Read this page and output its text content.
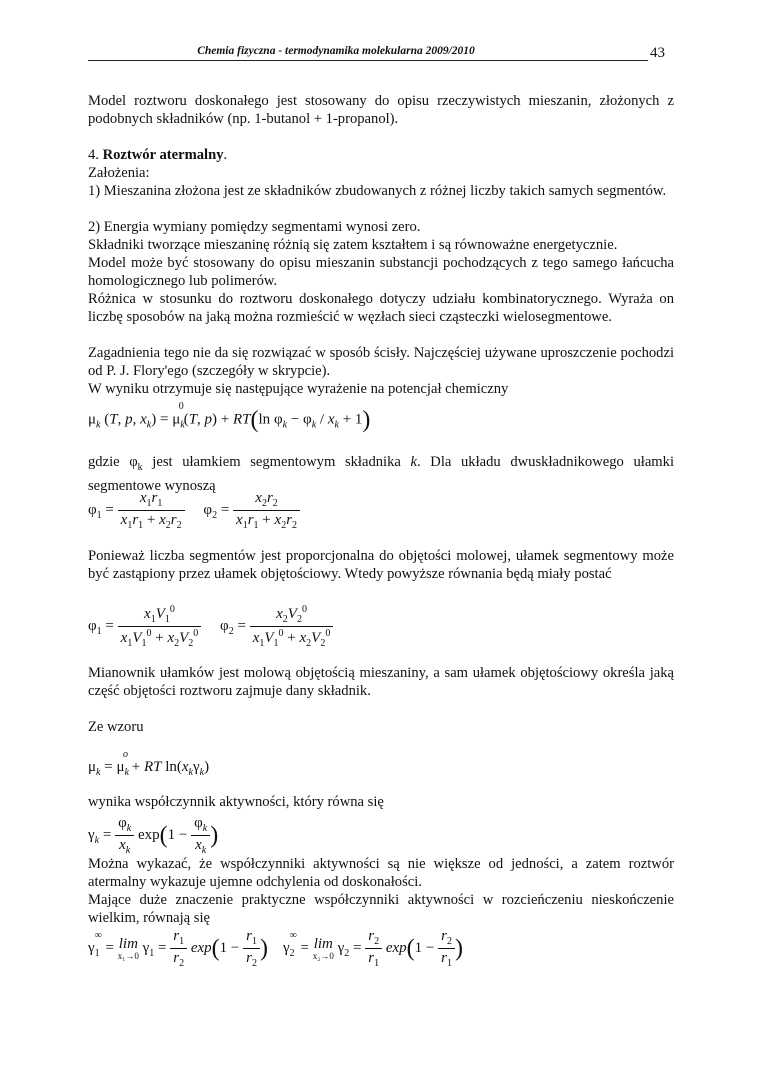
Chemia fizyczna - termodynamika molekularna 2009/2010	43

Model roztworu doskonałego jest stosowany do opisu rzeczywistych mieszanin, złożonych z podobnych składników (np. 1-butanol + 1-propanol).

4. Roztwór atermalny.

Założenia:

1) Mieszanina złożona jest ze składników zbudowanych z różnej liczby takich samych segmentów.

2) Energia wymiany pomiędzy segmentami wynosi zero.

Składniki tworzące mieszaninę różnią się zatem kształtem i są równoważne energetycznie.

Model może być stosowany do opisu mieszanin substancji pochodzących z tego samego łańcucha homologicznego lub polimerów.

Różnica w stosunku do roztworu doskonałego dotyczy udziału kombinatorycznego. Wyraża on liczbę sposobów na jaką można rozmieścić w węzłach sieci cząsteczki wielosegmentowe.

Zagadnienia tego nie da się rozwiązać w sposób ścisły. Najczęściej używane uproszczenie pochodzi od P. J. Flory'ego (szczegóły w skrypcie).

W wyniku otrzymuje się następujące wyrażenie na potencjał chemiczny

$\mu_k$ (T, p, $x_k) = \mu_k^0(T$, p) + RT(ln $\varphi_k - \varphi_k / x_k + 1$)

gdzie $\varphi_k$ jest ułamkiem segmentowym składnika k. Dla układu dwuskładnikowego ułamki segmentowe wynoszą

$\varphi_1 = \frac{x_1r_1}{x_1r_1 + x_2r_2} \varphi_2 = \frac{x_2r_2}{x_1r_1 + x_2r_2}$

Ponieważ liczba segmentów jest proporcjonalna do objętości molowej, ułamek segmentowy może być zastąpiony przez ułamek objętościowy. Wtedy powyższe równania będą miały postać

$\varphi_1 = \frac{x_1V_1^0}{x_1V_1^0 + x_2V_2^0} \varphi_2 = \frac{x_2V_2^0}{x_1V_1^0 + x_2V_2^0}$

Mianownik ułamków jest molową objętością mieszaniny, a sam ułamek objętościowy określa jaką część objętości roztworu zajmuje dany składnik.

Ze wzoru

$\mu_k = \mu_k^o$ + RT $\ln(x_k\gamma_k)$

wynika współczynnik aktywności, który równa się

$\gamma_k = \frac{\varphi_k}{x_k} \exp(1 - \frac{\varphi_k}{x_k}$ )

Można wykazać, że współczynniki aktywności są nie większe od jedności, a zatem roztwór atermalny wykazuje ujemne odchylenia od doskonałości.

Mające duże znaczenie praktyczne współczynniki aktywności w rozcieńczeniu nieskończenie wielkim, równają się

$\gamma_1^\infty = \lim$
x₁→0 $\gamma_1 = \frac{r_1}{r_2} \exp(1 - \frac{r_1}{r_2}$ ) $\gamma_2^\infty = \lim$
x₂→0 $\gamma_2 = \frac{r_2}{r_1} \exp(1 - \frac{r_2}{r_1}$ )
